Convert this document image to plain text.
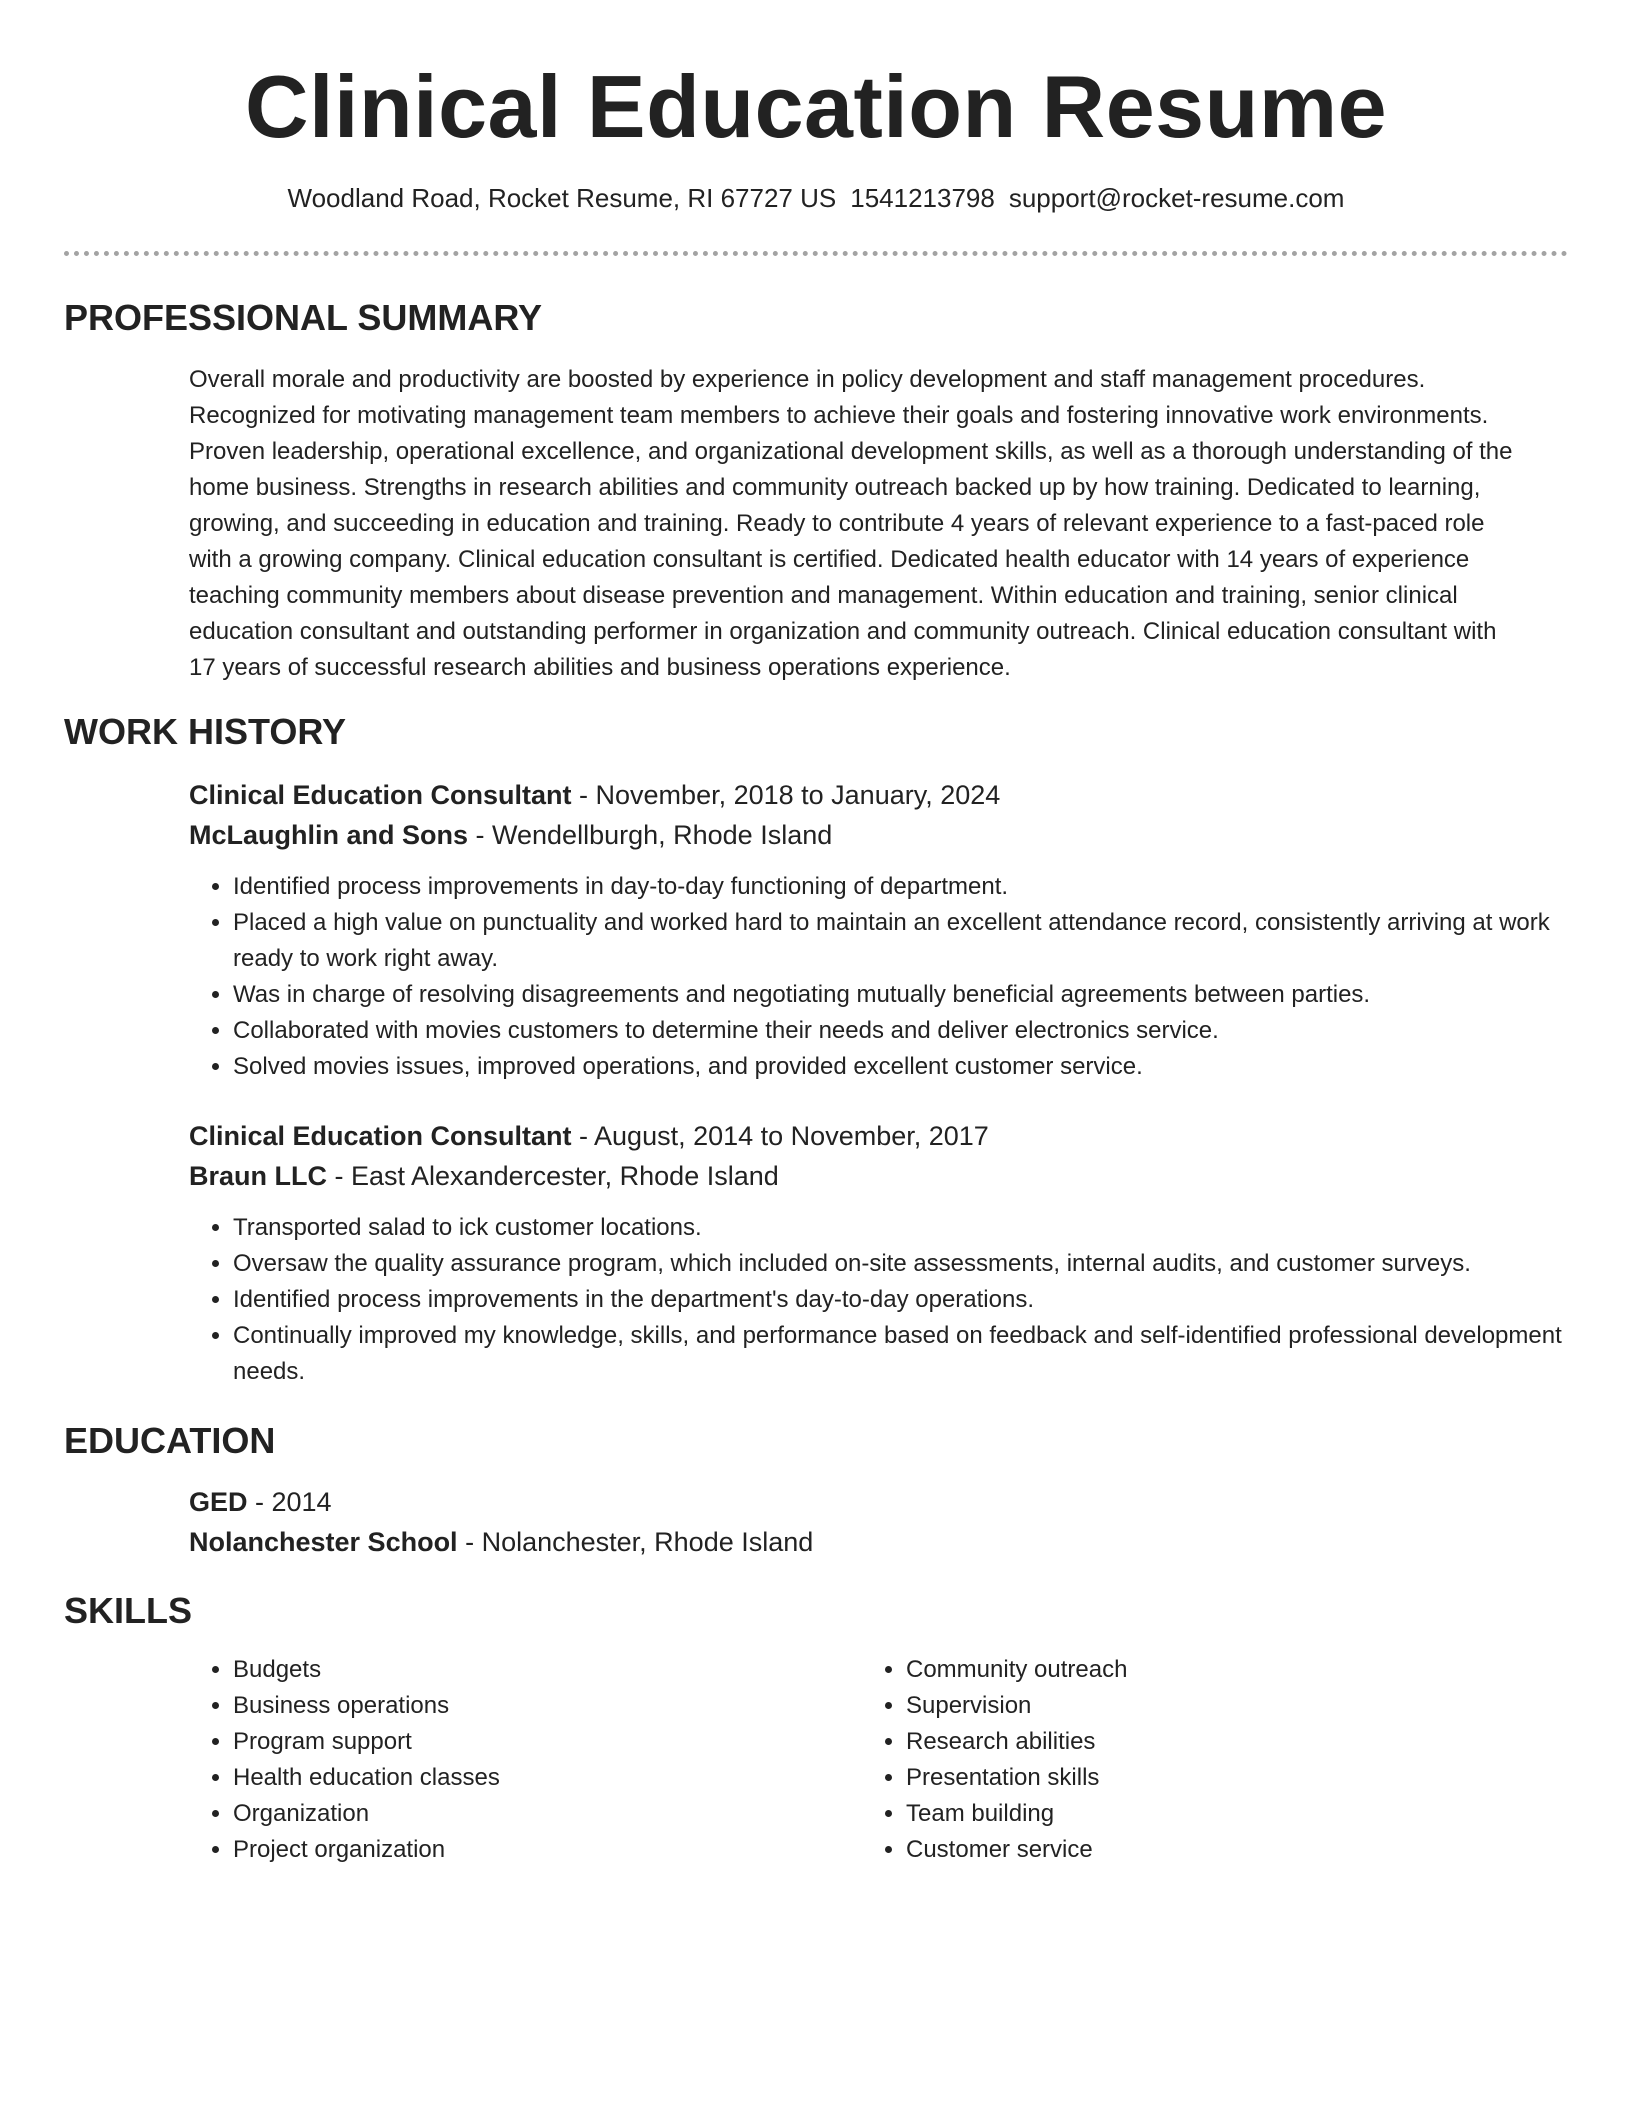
Clinical Education Resume
Woodland Road, Rocket Resume, RI 67727 US 1541213798 support@rocket-resume.com
PROFESSIONAL SUMMARY

Overall morale and productivity are boosted by experience in policy development and staff management procedures.
Recognized for motivating management team members to achieve their goals and fostering innovative work environments.
Proven leadership, operational excellence, and organizational development skills, as well as a thorough understanding of the
home business. Strengths in research abilities and community outreach backed up by how training. Dedicated to learning,
growing, and succeeding in education and training. Ready to contribute 4 years of relevant experience to a fast-paced role
with a growing company. Clinical education consultant is certified. Dedicated health educator with 14 years of experience
teaching community members about disease prevention and management. Within education and training, senior clinical
education consultant and outstanding performer in organization and community outreach. Clinical education consultant with
17 years of successful research abilities and business operations experience.

WORK HISTORY

Clinical Education Consultant - November, 2018 to January, 2024

McLaughlin and Sons - Wendellburgh, Rhode Island

• Identified process improvements in day-to-day functioning of department.
• Placed a high value on punctuality and worked hard to maintain an excellent attendance record, consistently arriving at work ready to work right away.
• Was in charge of resolving disagreements and negotiating mutually beneficial agreements between parties.
• Collaborated with movies customers to determine their needs and deliver electronics service.
• Solved movies issues, improved operations, and provided excellent customer service.

Clinical Education Consultant - August, 2014 to November, 2017

Braun LLC - East Alexandercester, Rhode Island

• Transported salad to ick customer locations.
• Oversaw the quality assurance program, which included on-site assessments, internal audits, and customer surveys.
• Identified process improvements in the department's day-to-day operations.
• Continually improved my knowledge, skills, and performance based on feedback and self-identified professional development needs.
EDUCATION

GED - 2014

Nolanchester School - Nolanchester, Rhode Island

SKILLS
• Budgets
• Business operations
• Program support
• Health education classes
• Organization
• Project organization
• Community outreach
• Supervision
• Research abilities
• Presentation skills
• Team building
• Customer service
